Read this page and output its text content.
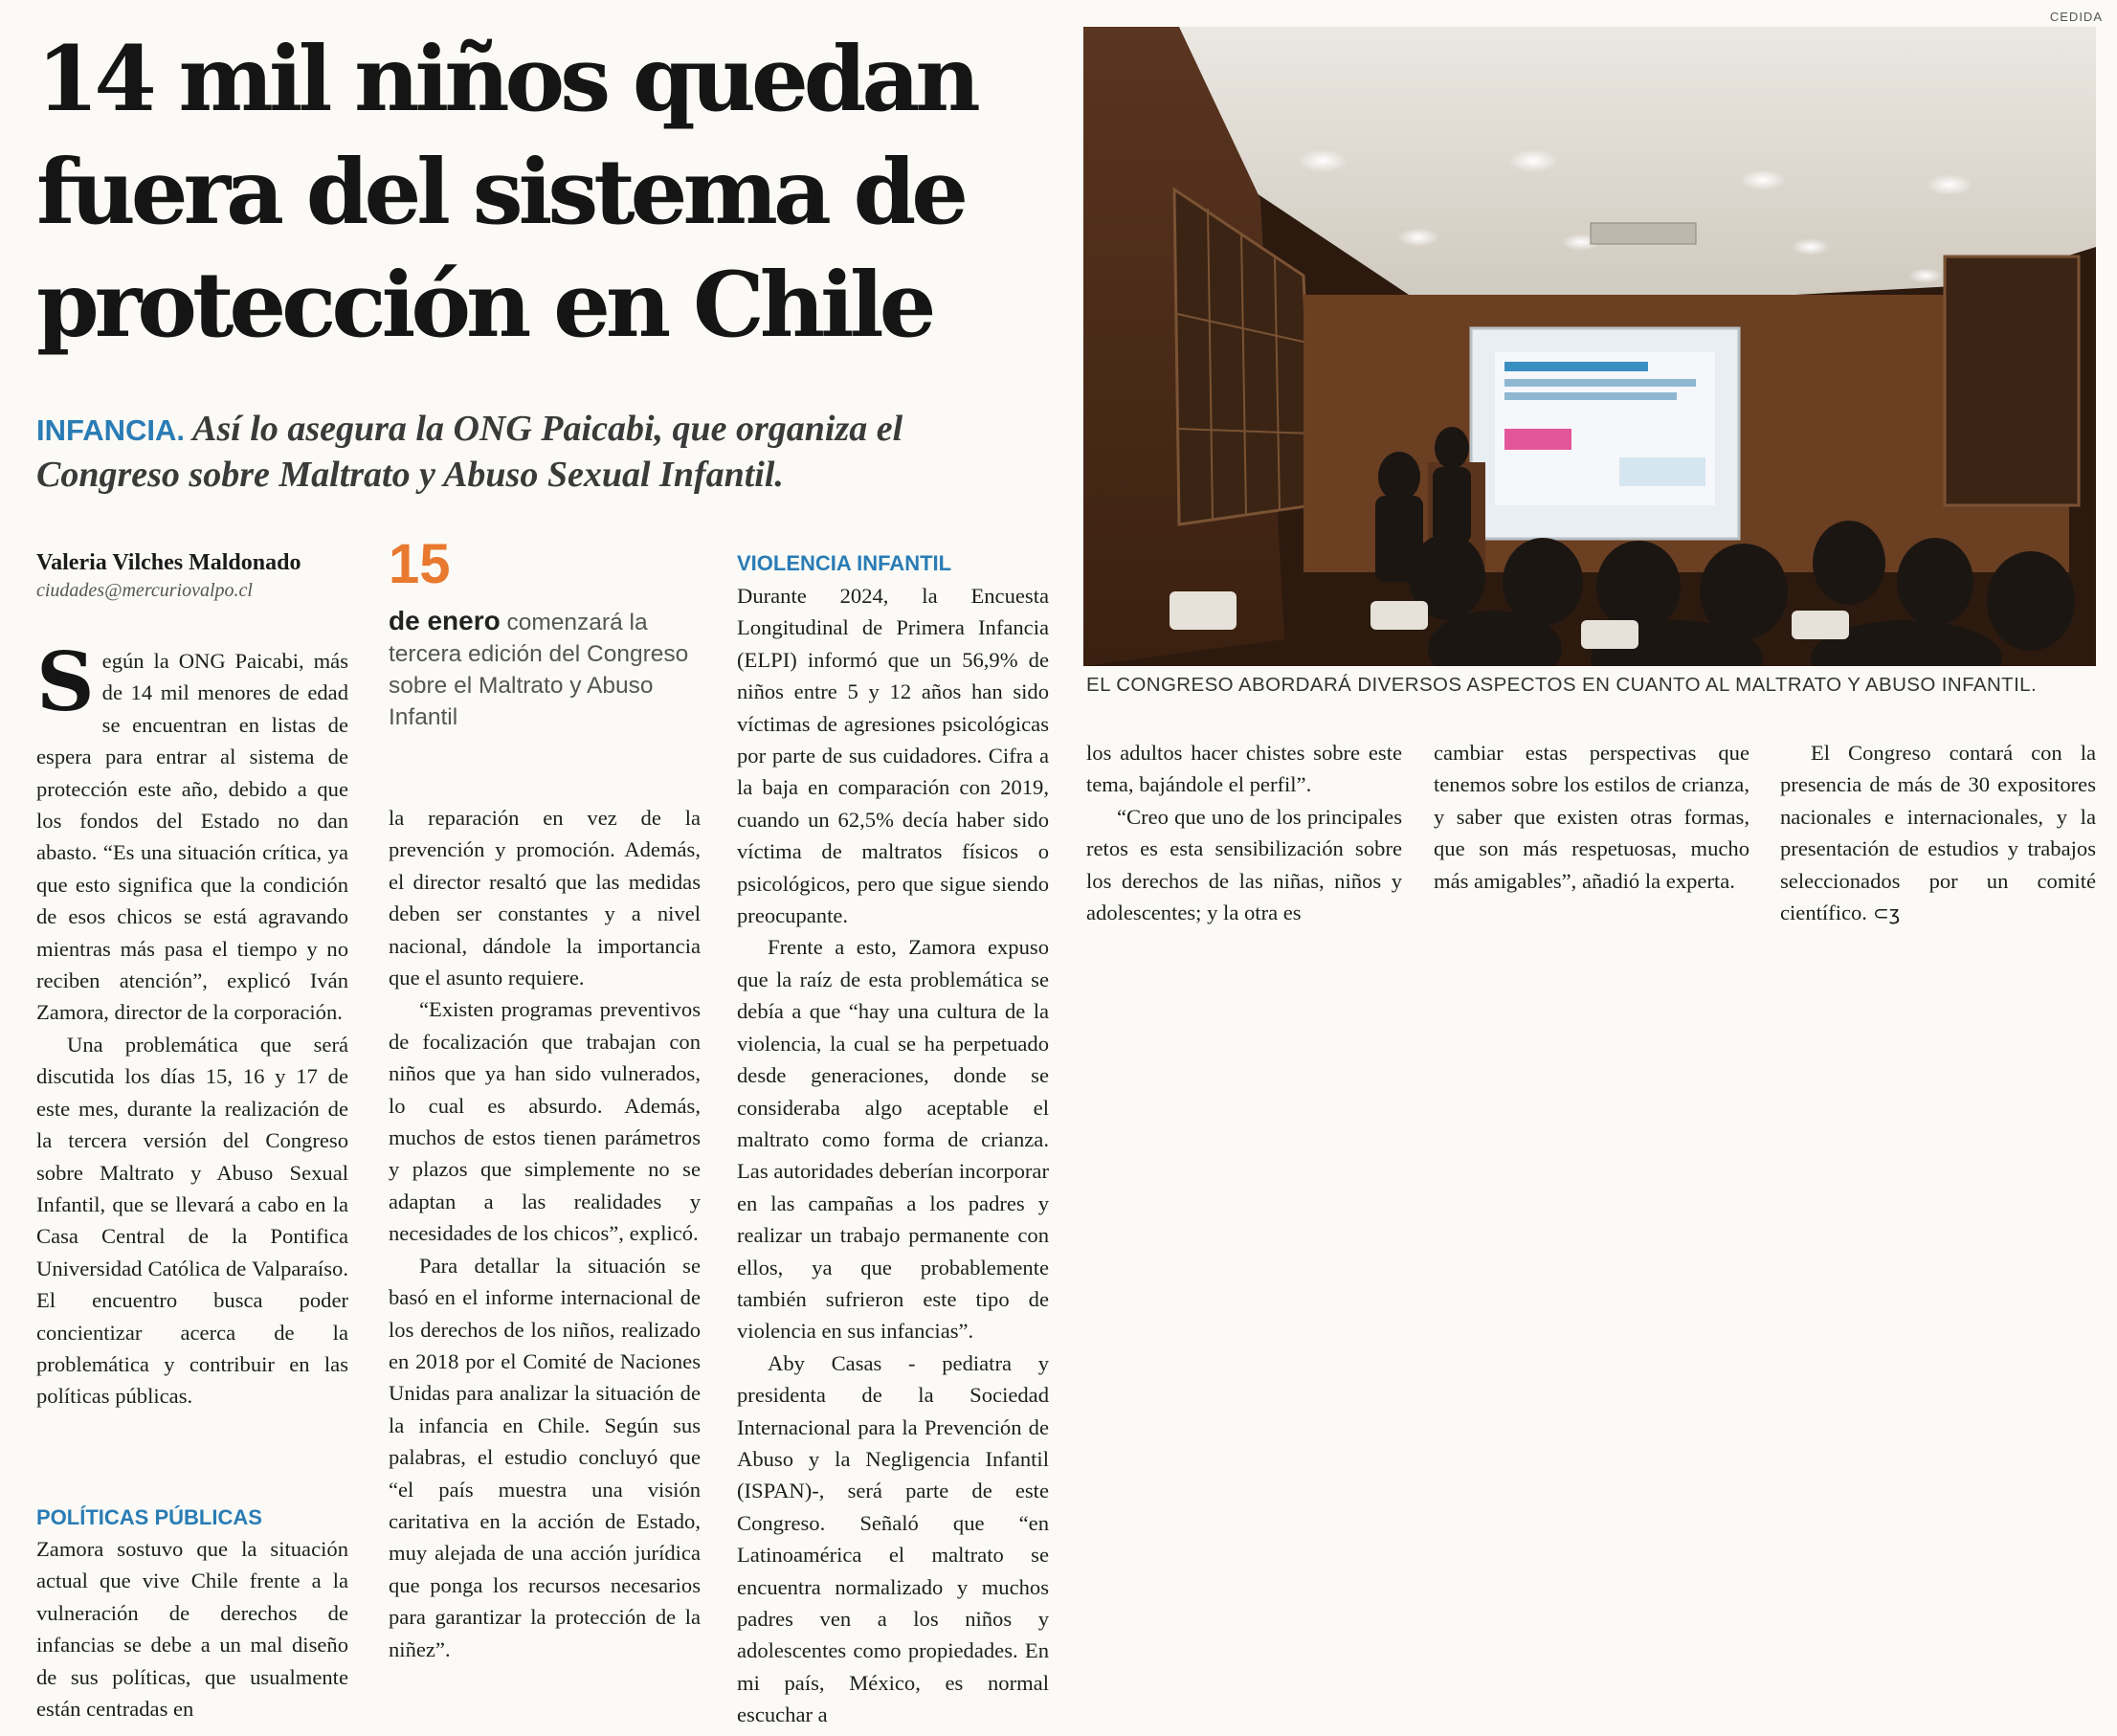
14 mil niños quedan
fuera del sistema de
protección en Chile

INFANCIA. Así lo asegura la ONG Paicabi, que organiza el Congreso sobre Maltrato y Abuso Sexual Infantil.

Valeria Vilches Maldonado
ciudades@mercuriovalpo.cl
S egún la ONG Paicabi, más de 14 mil menores de edad se encuentran en listas de espera para entrar al sistema de protección este año, debido a que los fondos del Estado no dan abasto. “Es una situación crítica, ya que esto significa que la condición de esos chicos se está agravando mientras más pasa el tiempo y no reciben atención”, explicó Iván Zamora, director de la corporación.

Una problemática que será discutida los días 15, 16 y 17 de este mes, durante la realización de la tercera versión del Congreso sobre Maltrato y Abuso Sexual Infantil, que se llevará a cabo en la Casa Central de la Pontifica Universidad Católica de Valparaíso. El encuentro busca poder concientizar acerca de la problemática y contribuir en las políticas públicas.

POLÍTICAS PÚBLICAS

Zamora sostuvo que la situación actual que vive Chile frente a la vulneración de derechos de infancias se debe a un mal diseño de sus políticas, que usualmente están centradas en

15
de enero comenzará la tercera edición del Congreso sobre el Maltrato y Abuso Infantil

la reparación en vez de la prevención y promoción. Además, el director resaltó que las medidas deben ser constantes y a nivel nacional, dándole la importancia que el asunto requiere.

“Existen programas preventivos de focalización que trabajan con niños que ya han sido vulnerados, lo cual es absurdo. Además, muchos de estos tienen parámetros y plazos que simplemente no se adaptan a las realidades y necesidades de los chicos”, explicó.

Para detallar la situación se basó en el informe internacional de los derechos de los niños, realizado en 2018 por el Comité de Naciones Unidas para analizar la situación de la infancia en Chile. Según sus palabras, el estudio concluyó que “el país muestra una visión caritativa en la acción de Estado, muy alejada de una acción jurídica que ponga los recursos necesarios para garantizar la protección de la niñez”.

VIOLENCIA INFANTIL

Durante 2024, la Encuesta Longitudinal de Primera Infancia (ELPI) informó que un 56,9% de niños entre 5 y 12 años han sido víctimas de agresiones psicológicas por parte de sus cuidadores. Cifra a la baja en comparación con 2019, cuando un 62,5% decía haber sido víctima de maltratos físicos o psicológicos, pero que sigue siendo preocupante.

Frente a esto, Zamora expuso que la raíz de esta problemática se debía a que “hay una cultura de la violencia, la cual se ha perpetuado desde generaciones, donde se consideraba algo aceptable el maltrato como forma de crianza. Las autoridades deberían incorporar en las campañas a los padres y realizar un trabajo permanente con ellos, ya que probablemente también sufrieron este tipo de violencia en sus infancias”.

Aby Casas - pediatra y presidenta de la Sociedad Internacional para la Prevención de Abuso y la Negligencia Infantil (ISPAN)-, será parte de este Congreso. Señaló que “en Latinoamérica el maltrato se encuentra normalizado y muchos padres ven a los niños y adolescentes como propiedades. En mi país, México, es normal escuchar a

CEDIDA
EL CONGRESO ABORDARÁ DIVERSOS ASPECTOS EN CUANTO AL MALTRATO Y ABUSO INFANTIL.

los adultos hacer chistes sobre este tema, bajándole el perfil”.

“Creo que uno de los principales retos es esta sensibilización sobre los derechos de las niñas, niños y adolescentes; y la otra es

cambiar estas perspectivas que tenemos sobre los estilos de crianza, y saber que existen otras formas, que son más respetuosas, mucho más amigables”, añadió la experta.

El Congreso contará con la presencia de más de 30 expositores nacionales e internacionales, y la presentación de estudios y trabajos seleccionados por un comité científico. ⊂ʒ
